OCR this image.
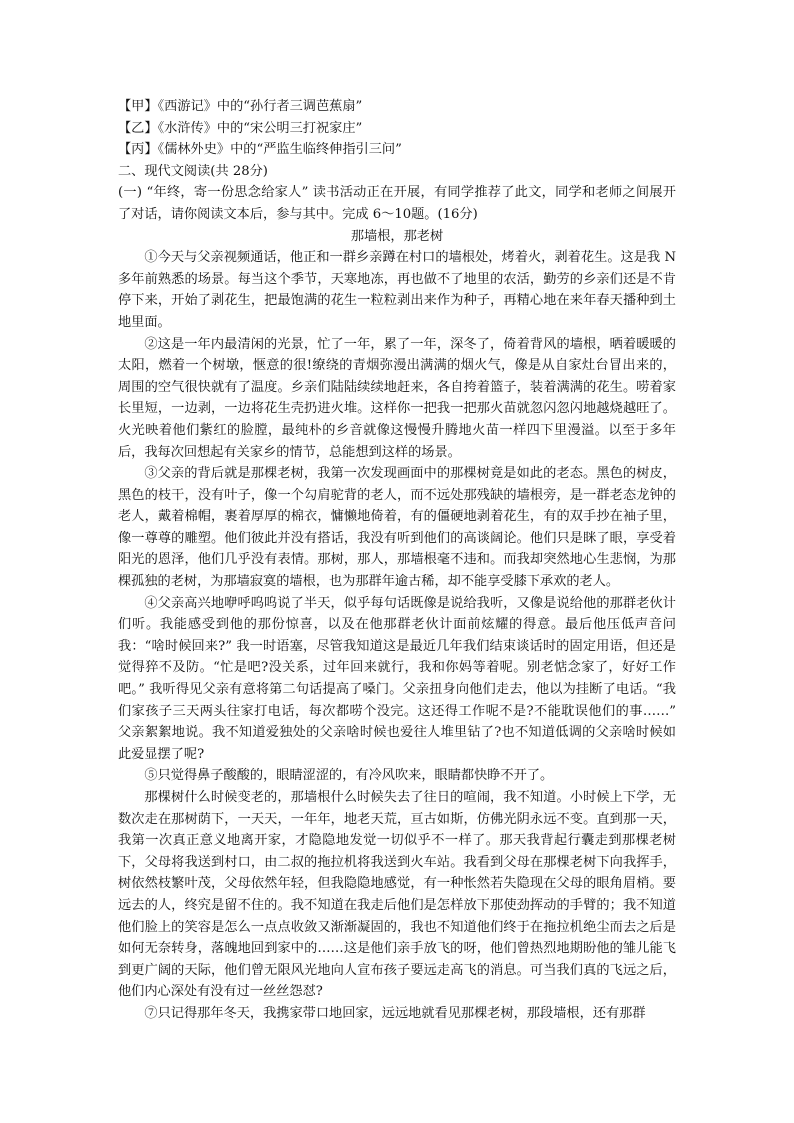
【甲】《西游记》中的“孙行者三调芭蕉扇”

【乙】《水浒传》中的“宋公明三打祝家庄”

【丙】《儒林外史》中的“严监生临终伸指引三问”

二、现代文阅读(共 28分)

(一) “年终，寄一份思念给家人” 读书活动正在开展，有同学推荐了此文，同学和老师之间展开了对话，请你阅读文本后，参与其中。完成 6～10题。(16分)

那墙根，那老树

①今天与父亲视频通话，他正和一群乡亲蹲在村口的墙根处，烤着火，剥着花生。这是我 N多年前熟悉的场景。每当这个季节，天寒地冻，再也做不了地里的农活，勤劳的乡亲们还是不肯停下来，开始了剥花生，把最饱满的花生一粒粒剥出来作为种子，再精心地在来年春天播种到土地里面。

②这是一年内最清闲的光景，忙了一年，累了一年，深冬了，倚着背风的墙根，晒着暖暖的太阳，燃着一个树墩，惬意的很!缭绕的青烟弥漫出满满的烟火气，像是从自家灶台冒出来的，周围的空气很快就有了温度。乡亲们陆陆续续地赶来，各自挎着篮子，装着满满的花生。唠着家长里短，一边剥，一边将花生壳扔进火堆。这样你一把我一把那火苗就忽闪忽闪地越烧越旺了。火光映着他们紫红的脸膛，最纯朴的乡音就像这慢慢升腾地火苗一样四下里漫溢。以至于多年后，我每次回想起有关家乡的情节，总能想到这样的场景。

③父亲的背后就是那棵老树，我第一次发现画面中的那棵树竟是如此的老态。黑色的树皮，黑色的枝干，没有叶子，像一个勾肩驼背的老人，而不远处那残缺的墙根旁，是一群老态龙钟的老人，戴着棉帽，裹着厚厚的棉衣，慵懒地倚着，有的僵硬地剥着花生，有的双手抄在袖子里，像一尊尊的雕塑。他们彼此并没有搭话，我没有听到他们的高谈阔论。他们只是眯了眼，享受着阳光的恩泽，他们几乎没有表情。那树，那人，那墙根毫不违和。而我却突然地心生悲悯，为那棵孤独的老树，为那墙寂寞的墙根，也为那群年逾古稀，却不能享受膝下承欢的老人。

④父亲高兴地咿呼呜呜说了半天，似乎每句话既像是说给我听，又像是说给他的那群老伙计们听。我能感受到他的那份惊喜，以及在他那群老伙计面前炫耀的得意。最后他压低声音问我：“啥时候回来?” 我一时语塞，尽管我知道这是最近几年我们结束谈话时的固定用语，但还是觉得猝不及防。“忙是吧?没关系，过年回来就行，我和你妈等着呢。别老惦念家了，好好工作吧。” 我听得见父亲有意将第二句话提高了嗓门。父亲扭身向他们走去，他以为挂断了电话。“我们家孩子三天两头往家打电话，每次都唠个没完。这还得工作呢不是?不能耽误他们的事……” 父亲絮絮地说。我不知道爱独处的父亲啥时候也爱往人堆里钻了?也不知道低调的父亲啥时候如此爱显摆了呢?

⑤只觉得鼻子酸酸的，眼睛涩涩的，有冷风吹来，眼睛都快睁不开了。

那棵树什么时候变老的，那墙根什么时候失去了往日的喧闹，我不知道。小时候上下学，无数次走在那树荫下，一天天，一年年，地老天荒，亘古如斯，仿佛光阴永远不变。直到那一天，我第一次真正意义地离开家，才隐隐地发觉一切似乎不一样了。那天我背起行囊走到那棵老树下，父母将我送到村口，由二叔的拖拉机将我送到火车站。我看到父母在那棵老树下向我挥手，树依然枝繁叶茂，父母依然年轻，但我隐隐地感觉，有一种怅然若失隐现在父母的眼角眉梢。要远去的人，终究是留不住的。我不知道在我走后他们是怎样放下那使劲挥动的手臂的；我不知道他们脸上的笑容是怎么一点点收敛又渐渐凝固的，我也不知道他们终于在拖拉机绝尘而去之后是如何无奈转身，落魄地回到家中的……这是他们亲手放飞的呀，他们曾热烈地期盼他的雏儿能飞到更广阔的天际，他们曾无限风光地向人宣布孩子要远走高飞的消息。可当我们真的飞远之后，他们内心深处有没有过一丝丝怨怼?

⑦只记得那年冬天，我携家带口地回家，远远地就看见那棵老树，那段墙根，还有那群
